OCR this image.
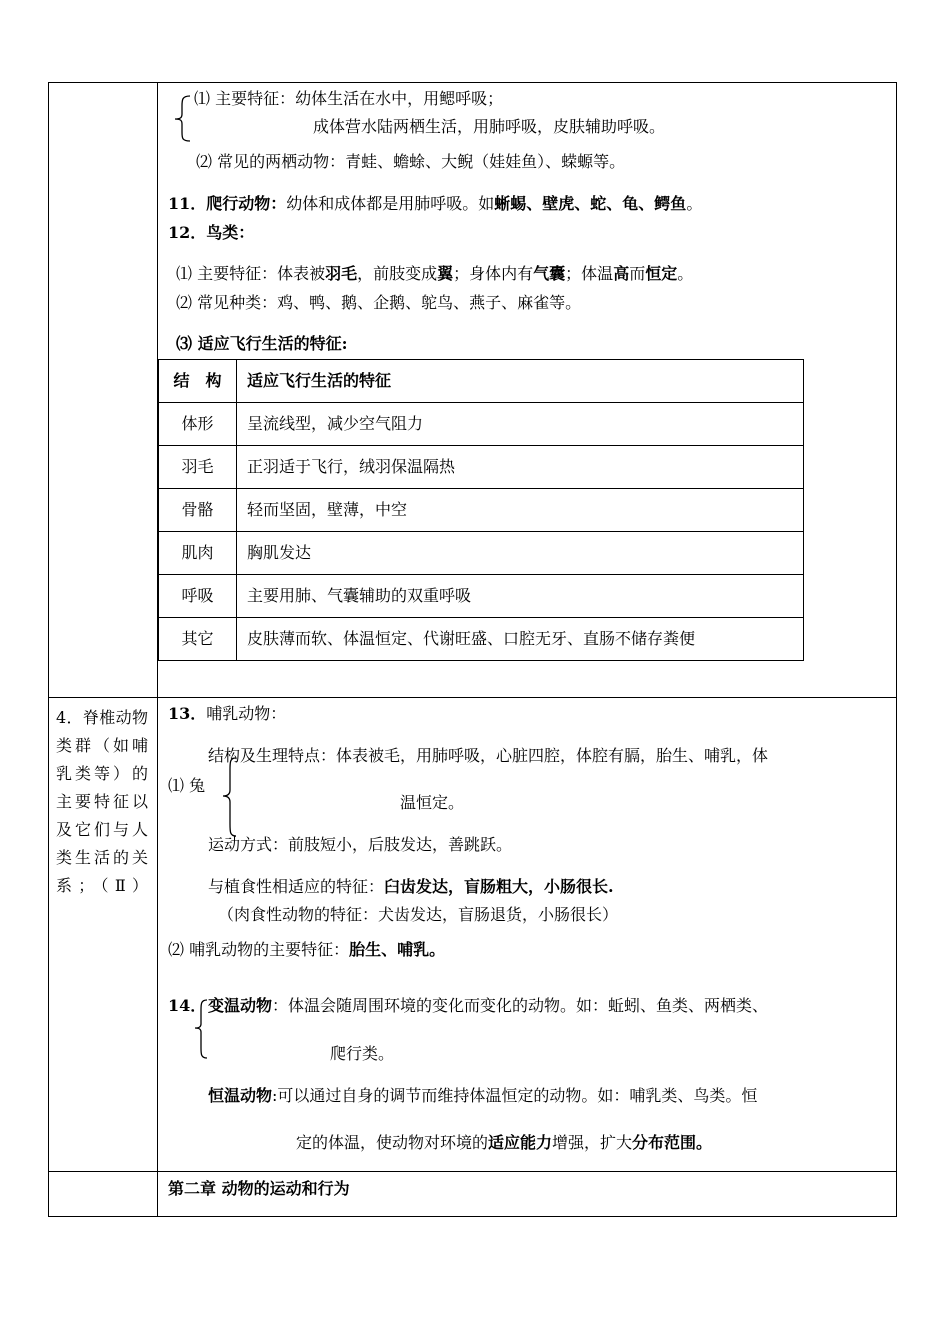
⑴ 主要特征：幼体生活在水中，用鳃呼吸；
成体营水陆两栖生活，用肺呼吸，皮肤辅助呼吸。
⑵ 常见的两栖动物：青蛙、蟾蜍、大鲵（娃娃鱼）、蝾螈等。
11．爬行动物：幼体和成体都是用肺呼吸。如蜥蜴、壁虎、蛇、龟、鳄鱼。
12．鸟类：
⑴ 主要特征：体表被羽毛，前肢变成翼；身体内有气囊；体温高而恒定。
⑵ 常见种类：鸡、鸭、鹅、企鹅、鸵鸟、燕子、麻雀等。
⑶ 适应飞行生活的特征:
结　构	适应飞行生活的特征
体形	呈流线型，减少空气阻力
羽毛	正羽适于飞行，绒羽保温隔热
骨骼	轻而坚固，壁薄，中空
肌肉	胸肌发达
呼吸	主要用肺、气囊辅助的双重呼吸
其它	皮肤薄而软、体温恒定、代谢旺盛、口腔无牙、直肠不储存粪便
4．脊椎动物类群（如哺乳类等）的主要特征以及它们与人类生活的关系；（Ⅱ）
13．哺乳动物：
结构及生理特点：体表被毛，用肺呼吸，心脏四腔，体腔有膈，胎生、哺乳，体
⑴ 兔
温恒定。
运动方式：前肢短小，后肢发达，善跳跃。
与植食性相适应的特征：臼齿发达，盲肠粗大，小肠很长.
（肉食性动物的特征：犬齿发达，盲肠退货，小肠很长）
⑵ 哺乳动物的主要特征：胎生、哺乳。
14． 变温动物：体温会随周围环境的变化而变化的动物。如：蚯蚓、鱼类、两栖类、
爬行类。
恒温动物:可以通过自身的调节而维持体温恒定的动物。如：哺乳类、鸟类。恒
定的体温，使动物对环境的适应能力增强，扩大分布范围。
第二章 动物的运动和行为
